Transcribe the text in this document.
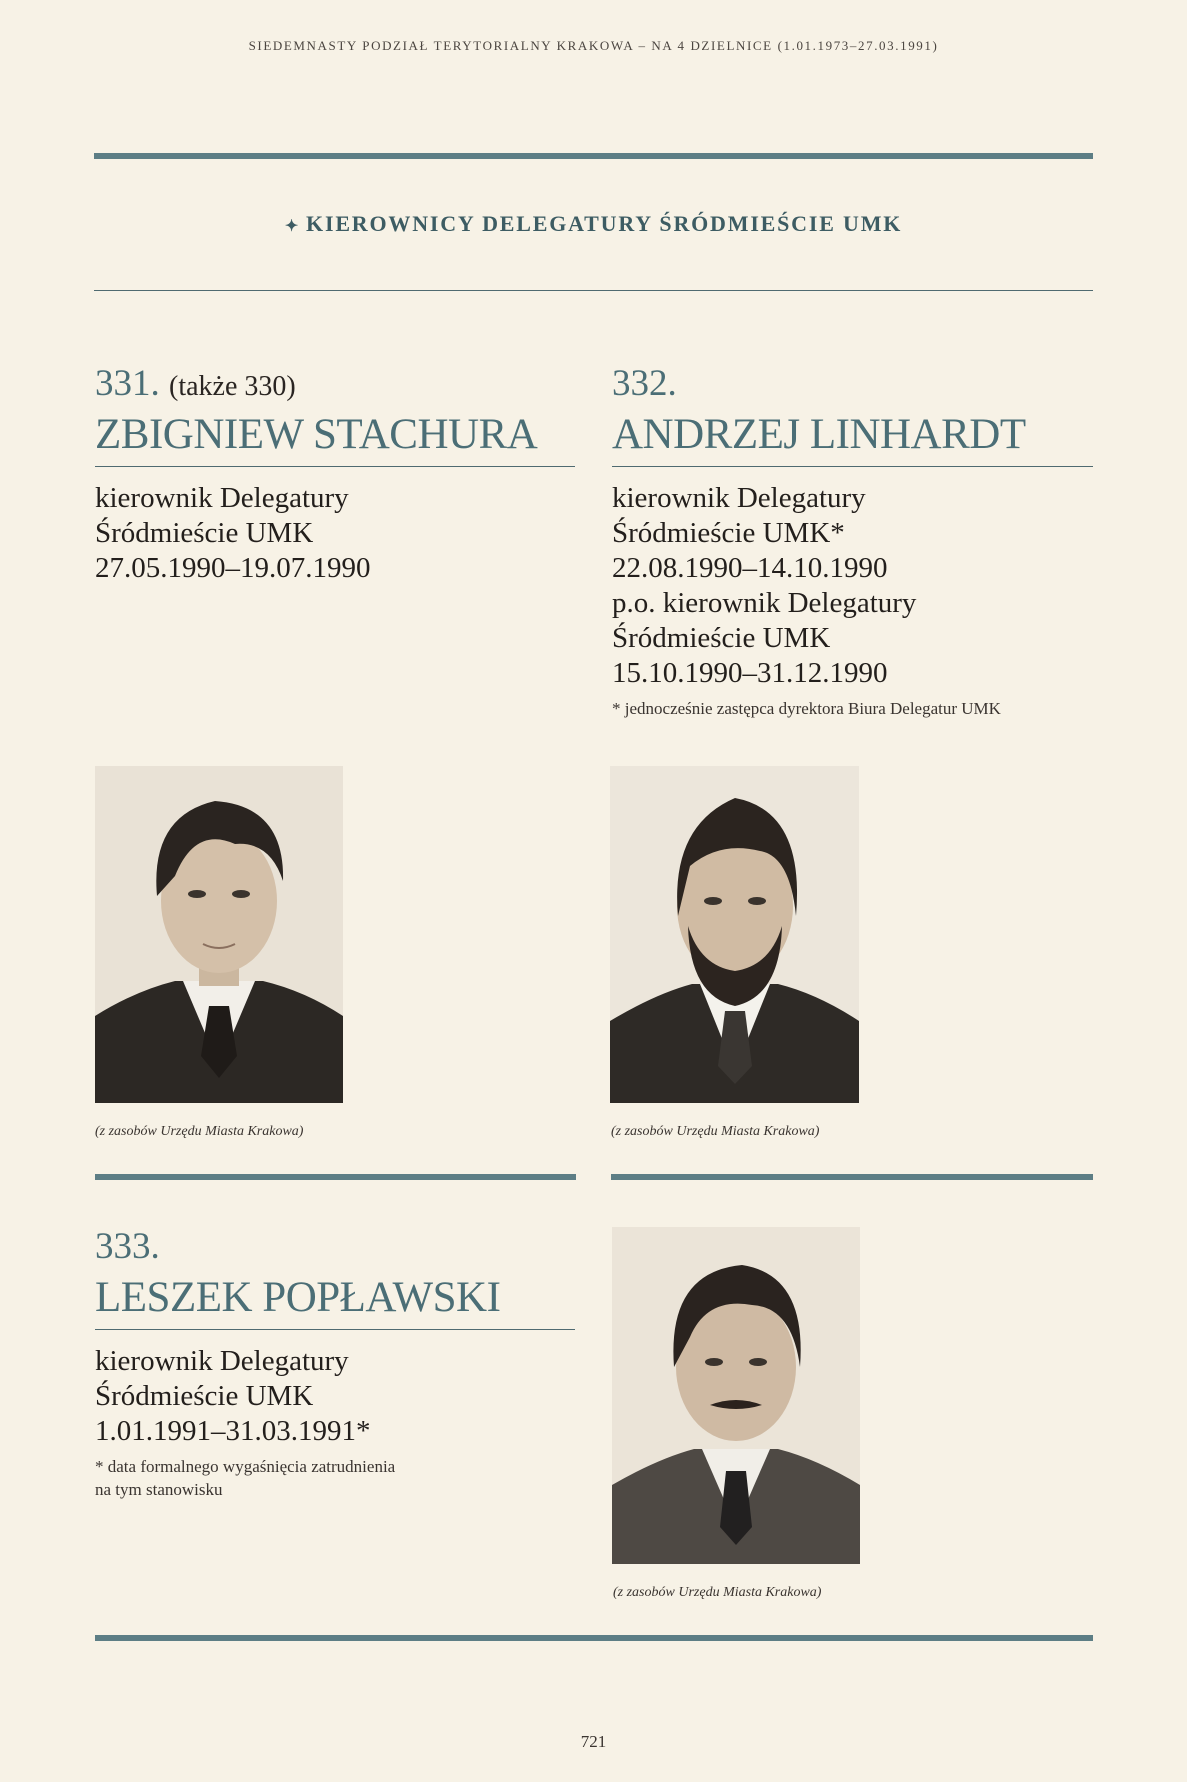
SIEDEMNASTY PODZIAŁ TERYTORIALNY KRAKOWA – NA 4 DZIELNICE (1.01.1973–27.03.1991)
✦ KIEROWNICY DELEGATURY ŚRÓDMIEŚCIE UMK
331. (także 330)
ZBIGNIEW STACHURA
kierownik Delegatury
Śródmieście UMK
27.05.1990–19.07.1990
332.
ANDRZEJ LINHARDT
kierownik Delegatury
Śródmieście UMK*
22.08.1990–14.10.1990
p.o. kierownik Delegatury
Śródmieście UMK
15.10.1990–31.12.1990
* jednocześnie zastępca dyrektora Biura Delegatur UMK
(z zasobów Urzędu Miasta Krakowa)	(z zasobów Urzędu Miasta Krakowa)
333.
LESZEK POPŁAWSKI
kierownik Delegatury
Śródmieście UMK
1.01.1991–31.03.1991*
* data formalnego wygaśnięcia zatrudnienia
na tym stanowisku
(z zasobów Urzędu Miasta Krakowa)
721
